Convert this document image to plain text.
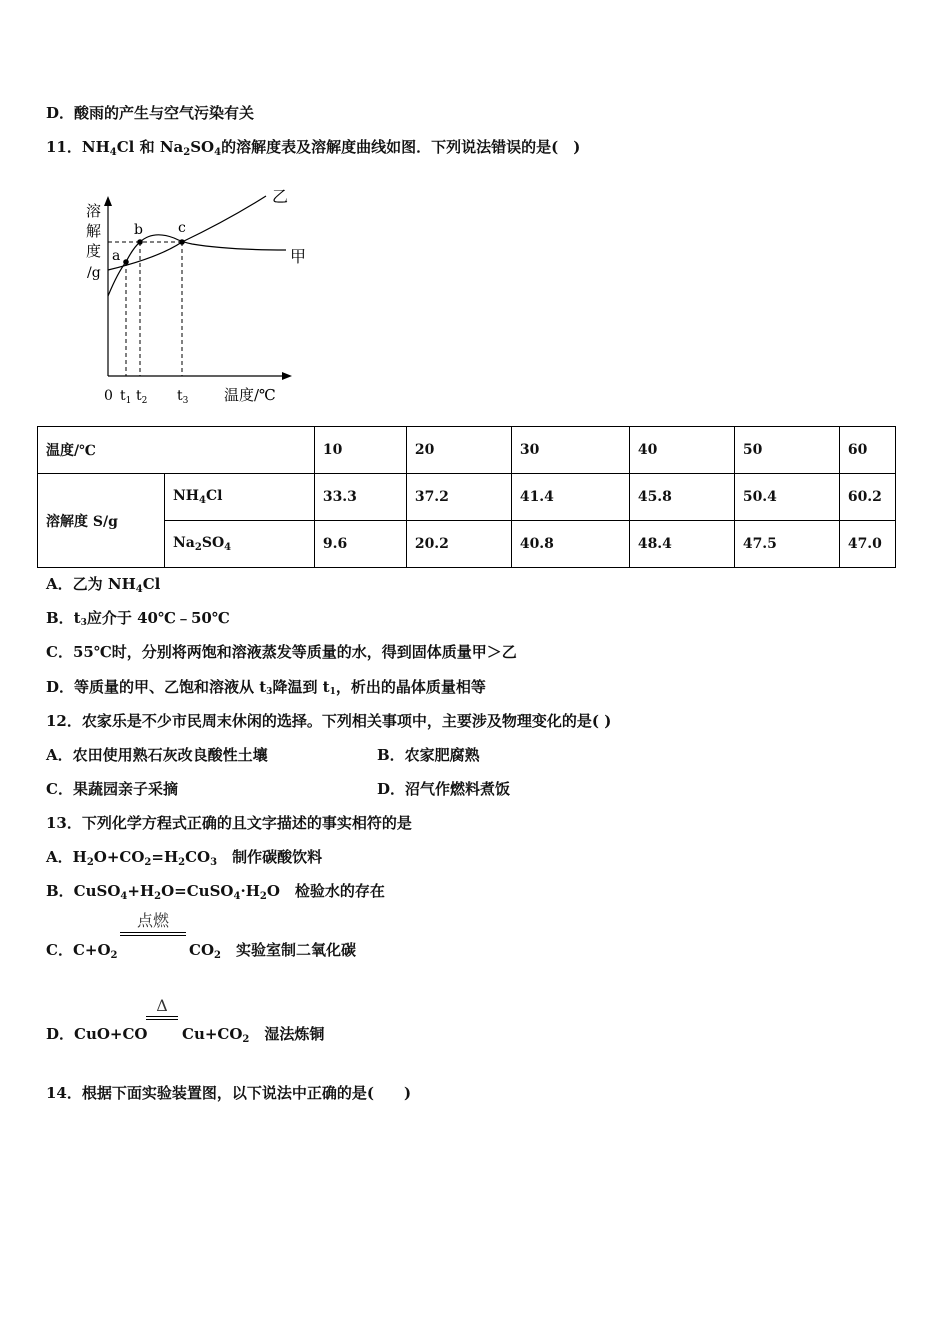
D．酸雨的产生与空气污染有关
11．$NH_4Cl$ 和 $Na_2SO_4$的溶解度表及溶解度曲线如图．下列说法错误的是(　)
溶
解
度
/g
a
b	c
乙
甲
0 $t_1$ $t_2$ $t_3$ 温度/℃
温度/℃		10	20	30	40	50	60
溶解度 S/g	$NH_4Cl$	33.3	37.2	41.4	45.8	50.4	60.2
	$Na_2SO_4$	9.6	20.2	40.8	48.4	47.5	47.0
A．乙为 $NH_4Cl$
B．t3应介于 40℃﹣50℃
C．55℃时，分别将两饱和溶液蒸发等质量的水，得到固体质量甲＞乙
D．等质量的甲、乙饱和溶液从 t3降温到 t1，析出的晶体质量相等
12．农家乐是不少市民周末休闲的选择。下列相关事项中，主要涉及物理变化的是( )
A．农田使用熟石灰改良酸性土壤	B．农家肥腐熟
C．果蔬园亲子采摘	D．沼气作燃料煮饭
13．下列化学方程式正确的且文字描述的事实相符的是
A．$H_2O+CO_2=H_2CO_3$　制作碳酸饮料
B．$CuSO_4+H_2O=CuSO_4\cdot H_2O$　检验水的存在
C．$C+O_2$
点燃
$CO_2$　实验室制二氧化碳
D．CuO+CO
Δ
$Cu+CO_2$　湿法炼铜
14．根据下面实验装置图，以下说法中正确的是(　　)
